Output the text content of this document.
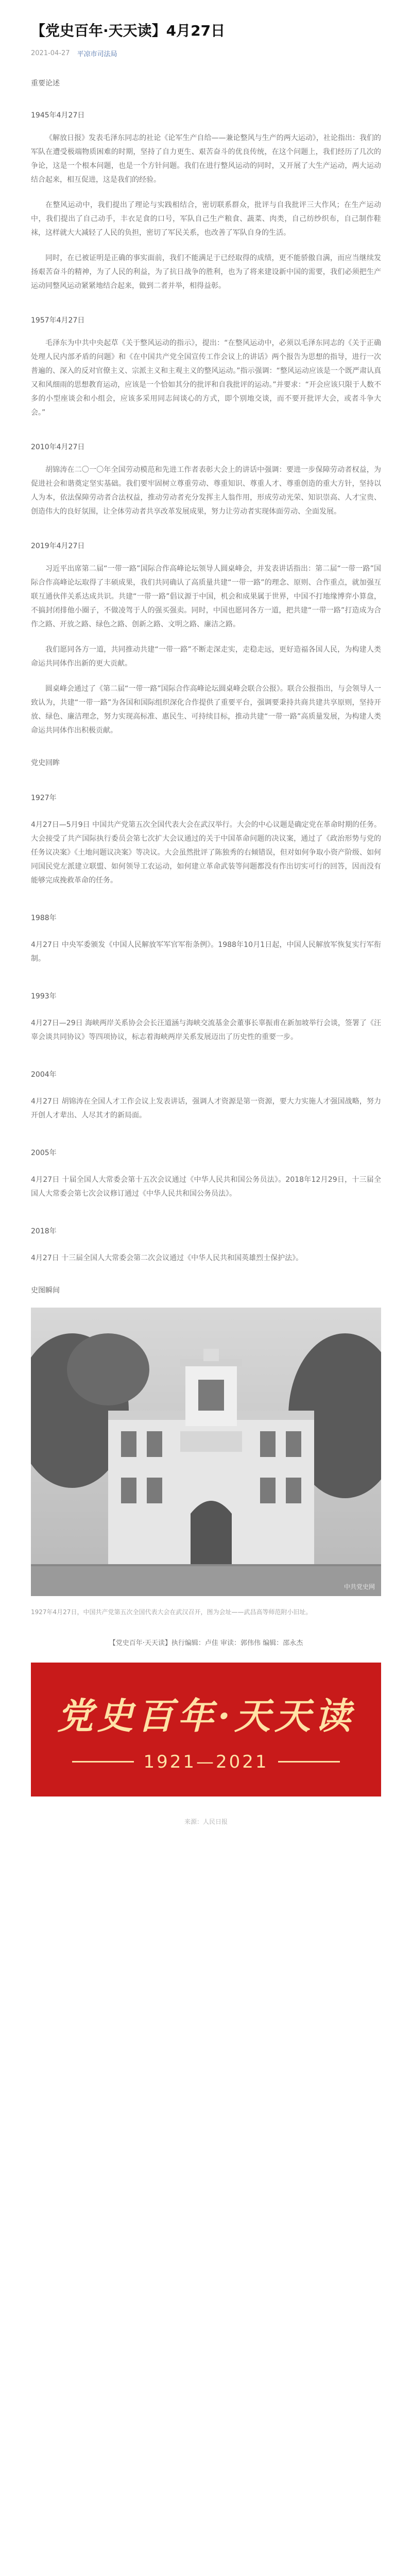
【党史百年·天天读】4月27日
2021-04-27 平凉市司法局
重要论述
1945年4月27日

《解放日报》发表毛泽东同志的社论《论军生产自给——兼论整风与生产的两大运动》，社论指出：我们的军队在遭受极端物质困难的时期，坚持了自力更生、艰苦奋斗的优良传统，在这个问题上，我们经历了几次的争论，这是一个根本问题，也是一个方针问题。我们在进行整风运动的同时，又开展了大生产运动，两大运动结合起来，相互促进，这是我们的经验。

在整风运动中，我们提出了理论与实践相结合，密切联系群众，批评与自我批评三大作风；在生产运动中，我们提出了自己动手，丰衣足食的口号，军队自己生产粮食、蔬菜、肉类，自己纺纱织布，自己制作鞋袜，这样就大大减轻了人民的负担，密切了军民关系，也改善了军队自身的生活。

同时，在已被证明是正确的事实面前，我们不能满足于已经取得的成绩，更不能骄傲自满，而应当继续发扬艰苦奋斗的精神，为了人民的利益，为了抗日战争的胜利，也为了将来建设新中国的需要，我们必须把生产运动同整风运动紧紧地结合起来，做到二者并举，相得益彰。

1957年4月27日

毛泽东为中共中央起草《关于整风运动的指示》，提出：“在整风运动中，必须以毛泽东同志的《关于正确处理人民内部矛盾的问题》和《在中国共产党全国宣传工作会议上的讲话》两个报告为思想的指导，进行一次普遍的、深入的反对官僚主义、宗派主义和主观主义的整风运动。”指示强调：“整风运动应该是一个既严肃认真又和风细雨的思想教育运动，应该是一个恰如其分的批评和自我批评的运动。”并要求：“开会应该只限于人数不多的小型座谈会和小组会，应该多采用同志间谈心的方式，即个别地交谈，而不要开批评大会，或者斗争大会。”

2010年4月27日

胡锦涛在二〇一〇年全国劳动模范和先进工作者表彰大会上的讲话中强调：要进一步保障劳动者权益，为促进社会和谐奠定坚实基础。我们要牢固树立尊重劳动、尊重知识、尊重人才、尊重创造的重大方针，坚持以人为本，依法保障劳动者合法权益，推动劳动者充分发挥主人翁作用，形成劳动光荣、知识崇高、人才宝贵、创造伟大的良好氛围，让全体劳动者共享改革发展成果，努力让劳动者实现体面劳动、全面发展。

2019年4月27日

习近平出席第二届“一带一路”国际合作高峰论坛领导人圆桌峰会，并发表讲话指出：第二届“一带一路”国际合作高峰论坛取得了丰硕成果，我们共同确认了高质量共建“一带一路”的理念、原则、合作重点，就加强互联互通伙伴关系达成共识。共建“一带一路”倡议源于中国，机会和成果属于世界，中国不打地缘博弈小算盘，不搞封闭排他小圈子，不做凌驾于人的强买强卖。同时，中国也愿同各方一道，把共建“一带一路”打造成为合作之路、开放之路、绿色之路、创新之路、文明之路、廉洁之路。

我们愿同各方一道，共同推动共建“一带一路”不断走深走实，走稳走远，更好造福各国人民，为构建人类命运共同体作出新的更大贡献。

圆桌峰会通过了《第二届“一带一路”国际合作高峰论坛圆桌峰会联合公报》。联合公报指出，与会领导人一致认为，共建“一带一路”为各国和国际组织深化合作提供了重要平台，强调要秉持共商共建共享原则，坚持开放、绿色、廉洁理念，努力实现高标准、惠民生、可持续目标，推动共建“一带一路”高质量发展，为构建人类命运共同体作出积极贡献。

党史回眸
1927年
4月27日—5月9日 中国共产党第五次全国代表大会在武汉举行。大会的中心议题是确定党在革命时期的任务。大会接受了共产国际执行委员会第七次扩大会议通过的关于中国革命问题的决议案，通过了《政治形势与党的任务议决案》《土地问题议决案》等决议。大会虽然批评了陈独秀的右倾错误，但对如何争取小资产阶级、如何同国民党左派建立联盟、如何领导工农运动，如何建立革命武装等问题都没有作出切实可行的回答，因而没有能够完成挽救革命的任务。
1988年
4月27日 中央军委颁发《中国人民解放军军官军衔条例》。1988年10月1日起，中国人民解放军恢复实行军衔制。
1993年
4月27日—29日 海峡两岸关系协会会长汪道涵与海峡交流基金会董事长辜振甫在新加坡举行会谈，签署了《汪辜会谈共同协议》等四项协议，标志着海峡两岸关系发展迈出了历史性的重要一步。
2004年
4月27日 胡锦涛在全国人才工作会议上发表讲话，强调人才资源是第一资源，要大力实施人才强国战略，努力开创人才辈出、人尽其才的新局面。
2005年
4月27日 十届全国人大常委会第十五次会议通过《中华人民共和国公务员法》。2018年12月29日，十三届全国人大常委会第七次会议修订通过《中华人民共和国公务员法》。
2018年
4月27日 十三届全国人大常委会第二次会议通过《中华人民共和国英雄烈士保护法》。
史图瞬间
中共党史网
1927年4月27日，中国共产党第五次全国代表大会在武汉召开，图为会址——武昌高等师范附小旧址。
【党史百年·天天读】执行编辑：卢佳 审读：郭伟伟 编辑：邵永杰
党史百年·天天读
1921—2021
来源：人民日报
